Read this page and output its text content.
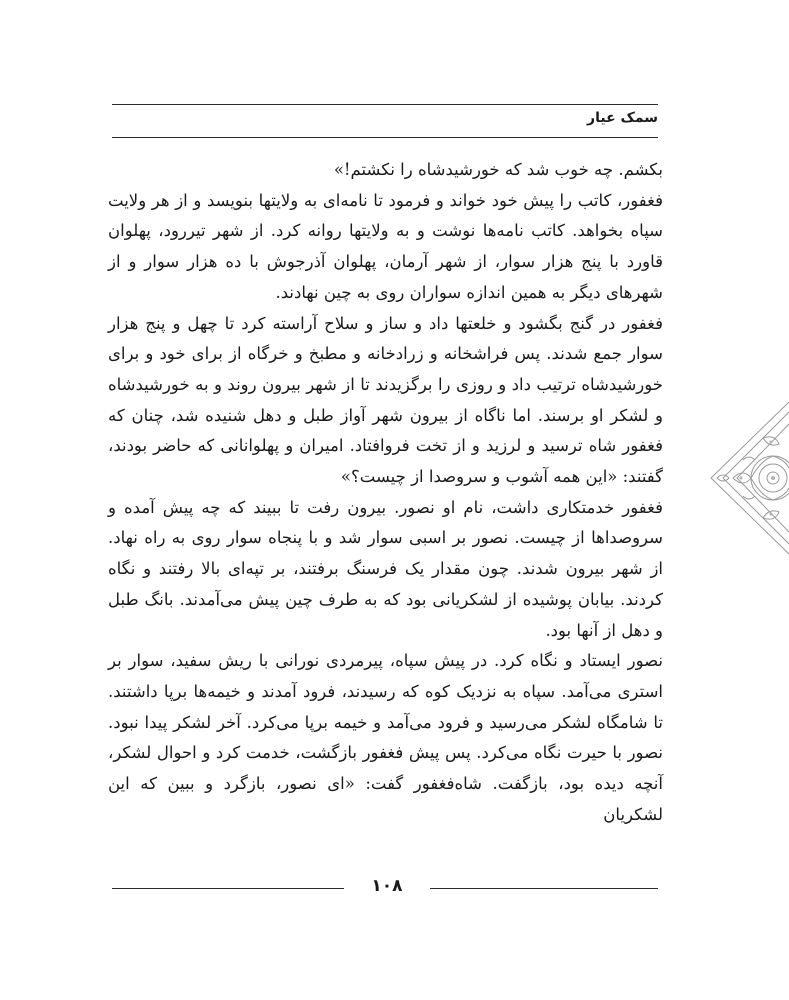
سمک عیار

بکشم. چه خوب شد که خورشیدشاه را نکشتم!»

فغفور، کاتب را پیش خود خواند و فرمود تا نامه‌ای به ولایتها بنویسد و از هر ولایت سپاه بخواهد. کاتب نامه‌ها نوشت و به ولایتها روانه کرد. از شهر تیررود، پهلوان قاورد با پنج هزار سوار، از شهر آرمان، پهلوان آذرجوش با ده هزار سوار و از شهرهای دیگر به همین اندازه سواران روی به چین نهادند.

فغفور در گنج بگشود و خلعتها داد و ساز و سلاح آراسته کرد تا چهل و پنج هزار سوار جمع شدند. پس فراشخانه و زرادخانه و مطبخ و خرگاه از برای خود و برای خورشیدشاه ترتیب داد و روزی را برگزیدند تا از شهر بیرون روند و به خورشیدشاه و لشکر او برسند. اما ناگاه از بیرون شهر آواز طبل و دهل شنیده شد، چنان که فغفور شاه ترسید و لرزید و از تخت فروافتاد. امیران و پهلوانانی که حاضر بودند، گفتند: «این همه آشوب و سروصدا از چیست؟»

فغفور خدمتکاری داشت، نام او نصور. بیرون رفت تا ببیند که چه پیش آمده و سروصداها از چیست. نصور بر اسبی سوار شد و با پنجاه سوار روی به راه نهاد. از شهر بیرون شدند. چون مقدار یک فرسنگ برفتند، بر تپه‌ای بالا رفتند و نگاه کردند. بیابان پوشیده از لشکریانی بود که به طرف چین پیش می‌آمدند. بانگ طبل و دهل از آنها بود.

نصور ایستاد و نگاه کرد. در پیش سپاه، پیرمردی نورانی با ریش سفید، سوار بر استری می‌آمد. سپاه به نزدیک کوه که رسیدند، فرود آمدند و خیمه‌ها برپا داشتند. تا شامگاه لشکر می‌رسید و فرود می‌آمد و خیمه برپا می‌کرد. آخر لشکر پیدا نبود. نصور با حیرت نگاه می‌کرد. پس پیش فغفور بازگشت، خدمت کرد و احوال لشکر، آنچه دیده بود، بازگفت. شاه‌فغفور گفت: «ای نصور، بازگرد و ببین که این لشکریان

۱۰۸
